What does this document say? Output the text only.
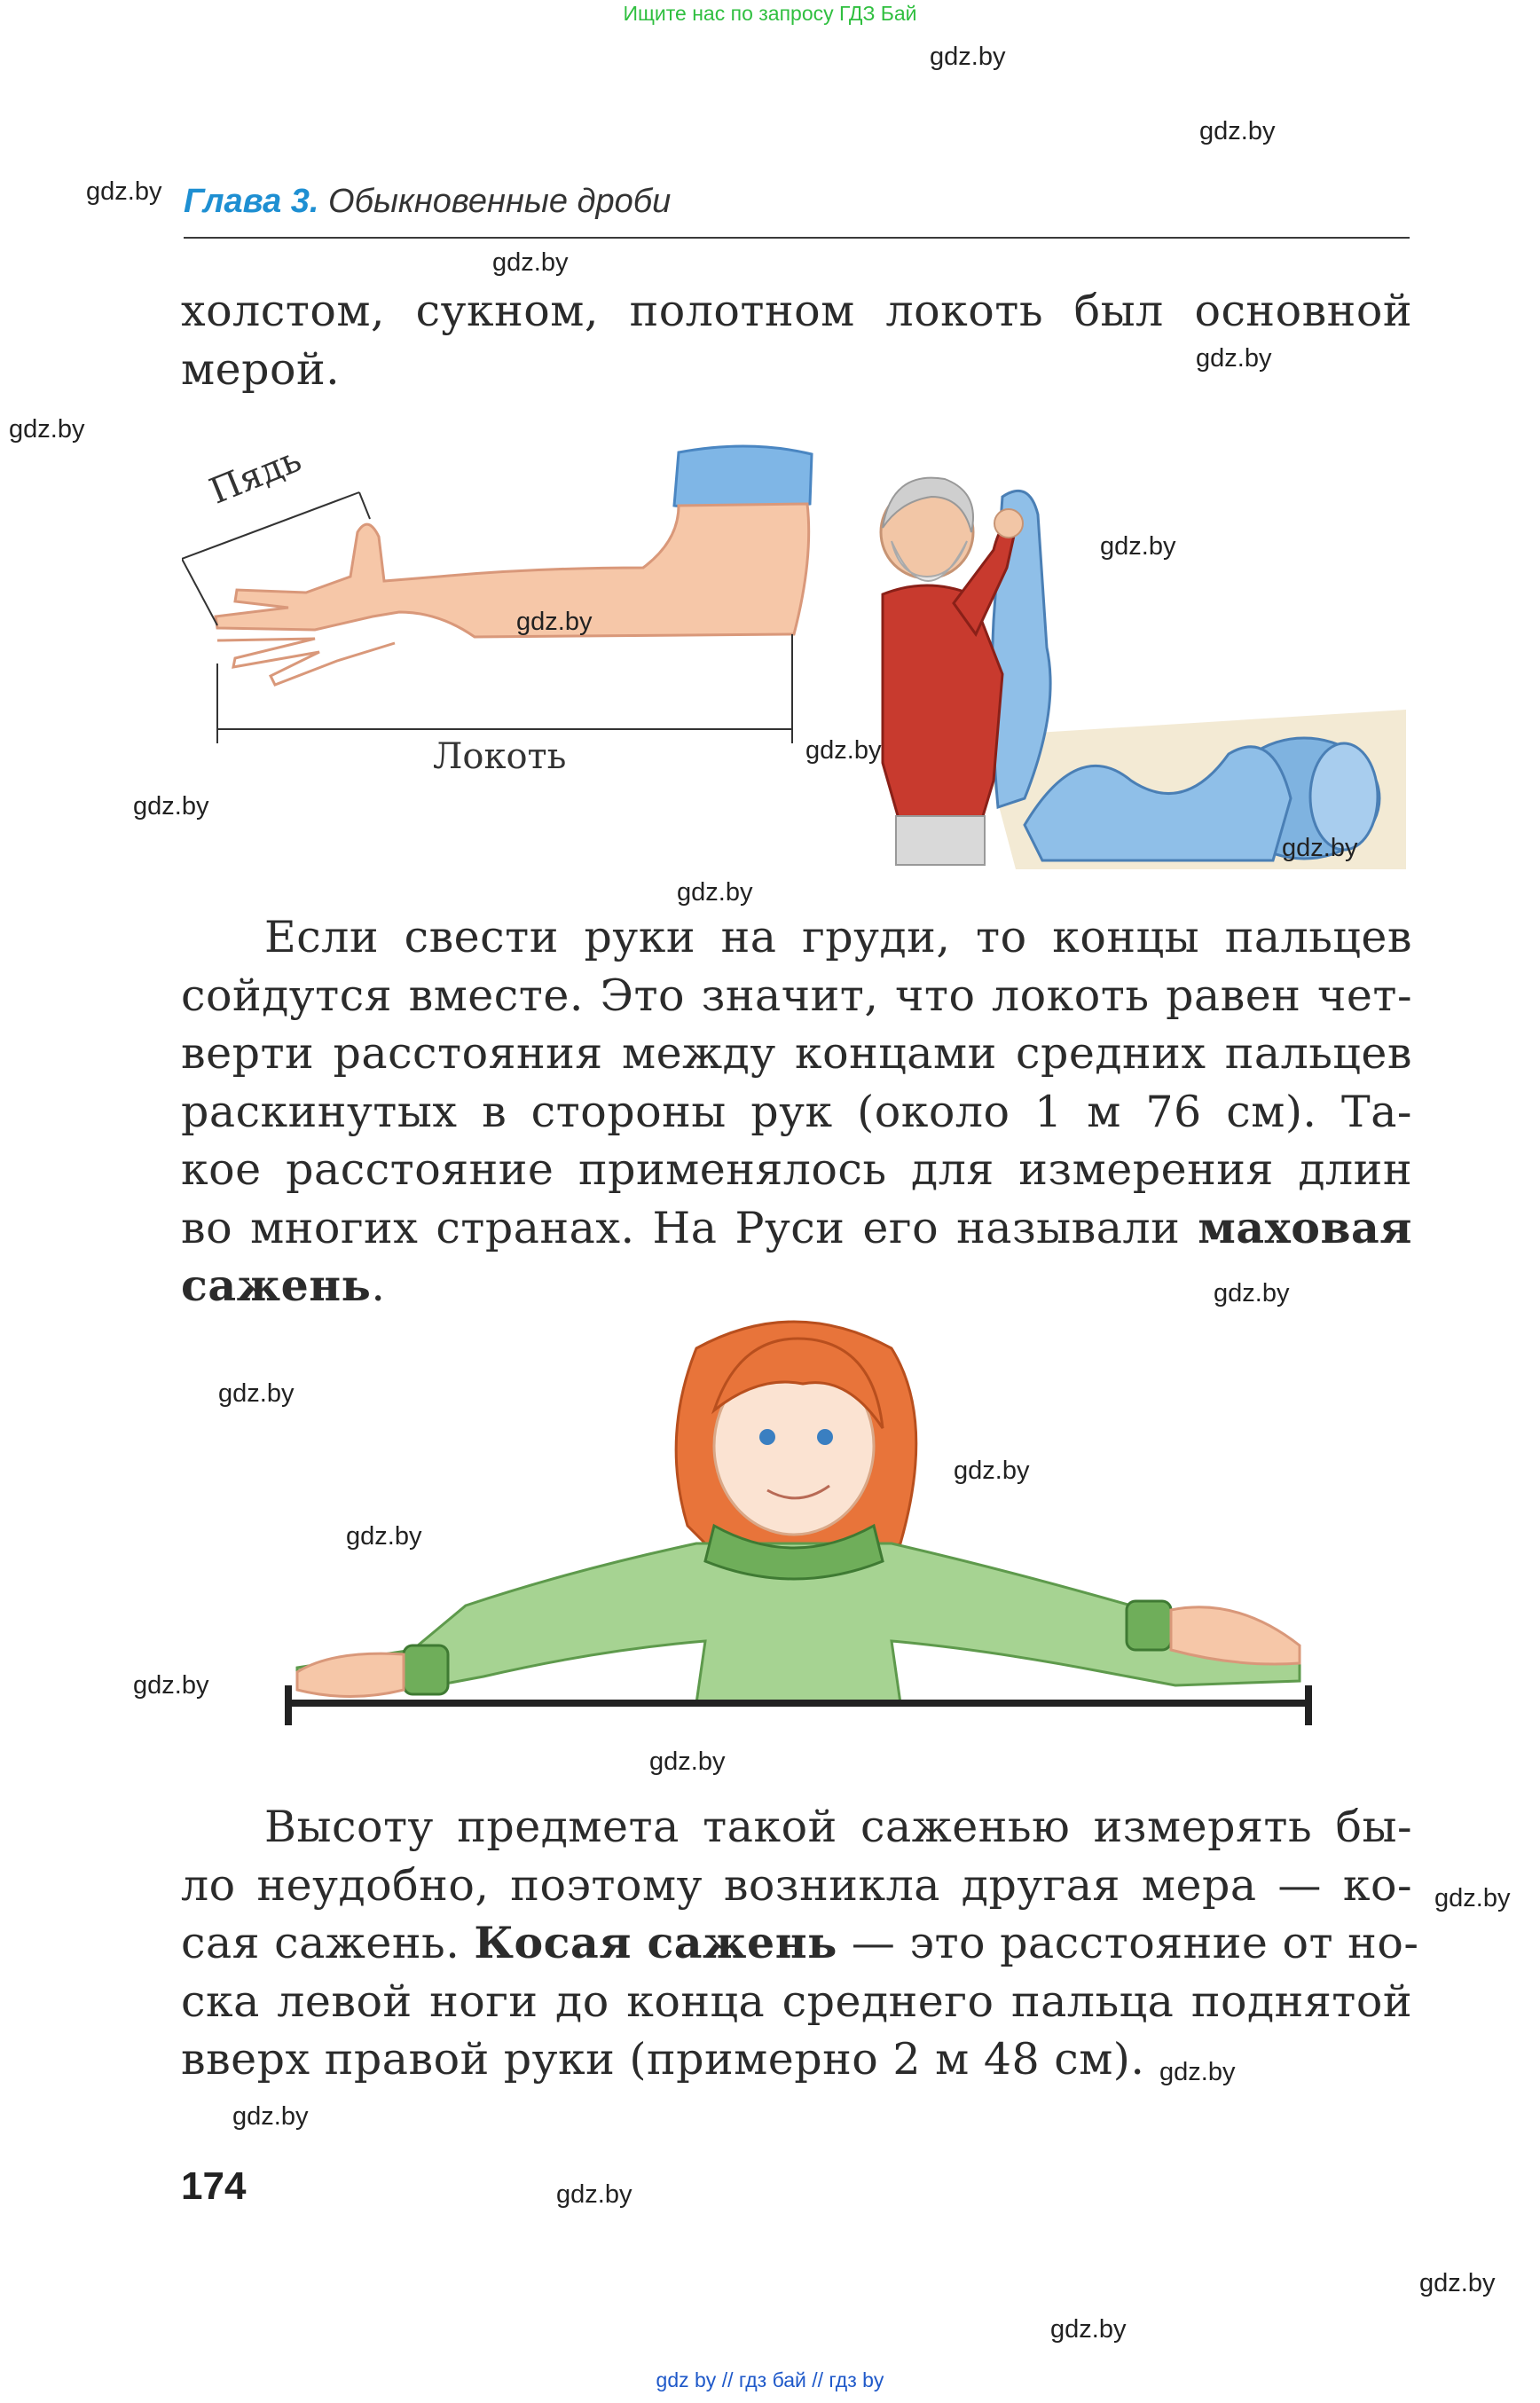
Ищите нас по запросу ГДЗ Бай
gdz by // гдз бай // гдз by
Глава 3. Обыкновенные дроби
холстом, сукном, полотном локоть был основной
мерой.
Пядь
Локоть
Если свести руки на груди, то концы пальцев
сойдутся вместе. Это значит, что локоть равен чет-
верти расстояния между концами средних пальцев
раскинутых в стороны рук (около 1 м 76 см). Та-
кое расстояние применялось для измерения длин
во многих странах. На Руси его называли маховая
сажень.
Высоту предмета такой саженью измерять бы-
ло неудобно, поэтому возникла другая мера — ко-
сая сажень. Косая сажень — это расстояние от но-
ска левой ноги до конца среднего пальца поднятой
вверх правой руки (примерно 2 м 48 см).
174
gdz.by
gdz.by
gdz.by
gdz.by
gdz.by
gdz.by
gdz.by
gdz.by
gdz.by
gdz.by
gdz.by
gdz.by
gdz.by
gdz.by
gdz.by
gdz.by
gdz.by
gdz.by
gdz.by
gdz.by
gdz.by
gdz.by
gdz.by
gdz.by
